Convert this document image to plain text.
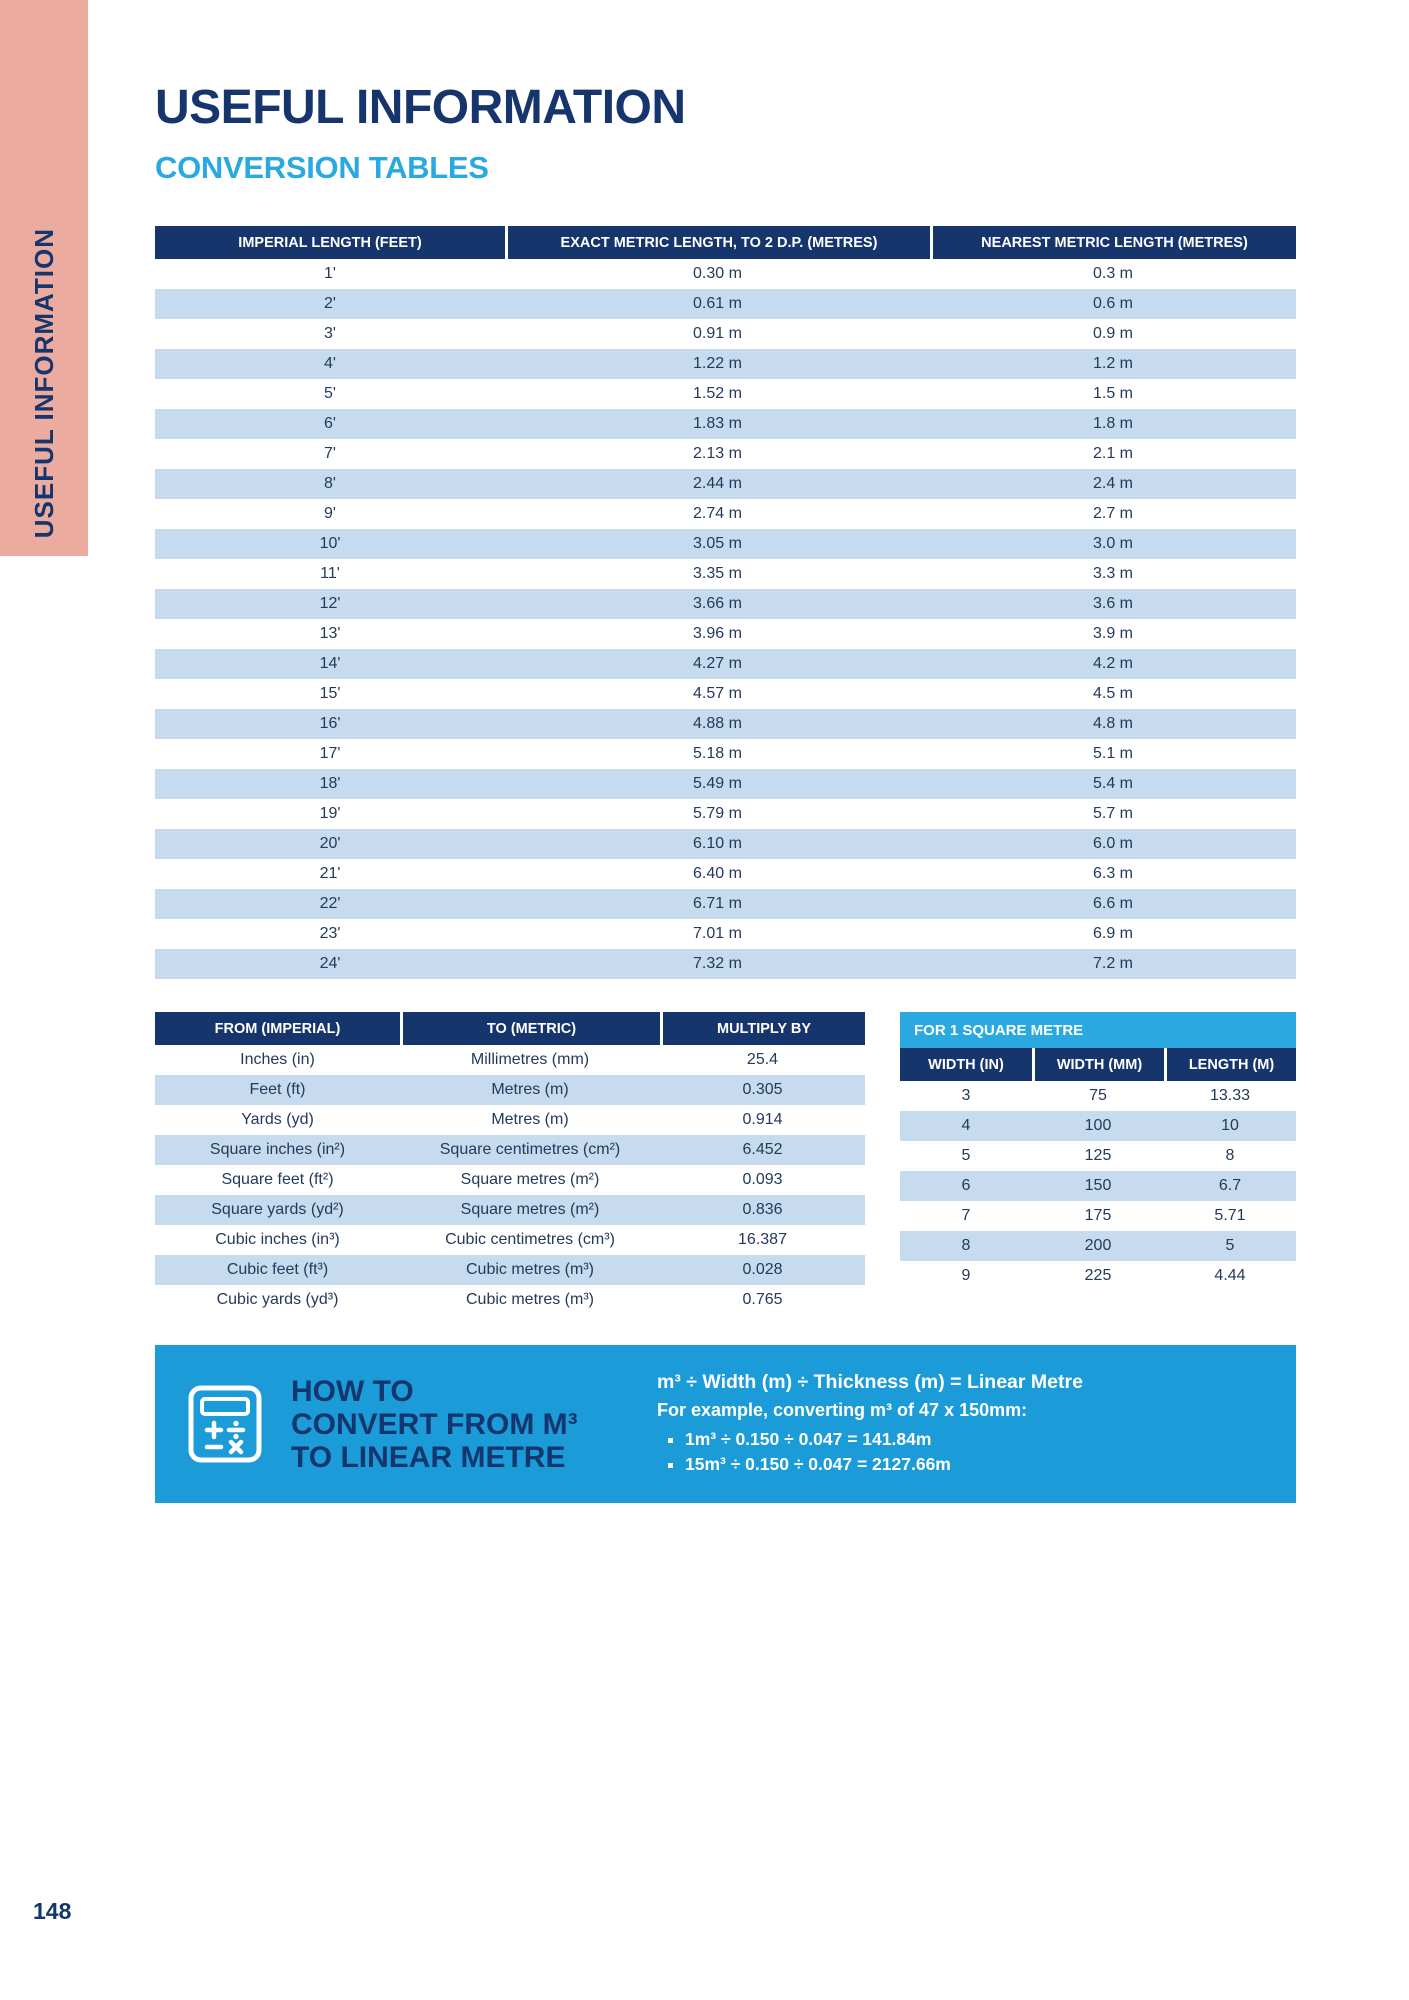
USEFUL INFORMATION
USEFUL INFORMATION
CONVERSION TABLES
IMPERIAL LENGTH (FEET)	EXACT METRIC LENGTH, TO 2 D.P. (METRES)	NEAREST METRIC LENGTH (METRES)
1'	0.30 m	0.3 m
2'	0.61 m	0.6 m
3'	0.91 m	0.9 m
4'	1.22 m	1.2 m
5'	1.52 m	1.5 m
6'	1.83 m	1.8 m
7'	2.13 m	2.1 m
8'	2.44 m	2.4 m
9'	2.74 m	2.7 m
10'	3.05 m	3.0 m
11'	3.35 m	3.3 m
12'	3.66 m	3.6 m
13'	3.96 m	3.9 m
14'	4.27 m	4.2 m
15'	4.57 m	4.5 m
16'	4.88 m	4.8 m
17'	5.18 m	5.1 m
18'	5.49 m	5.4 m
19'	5.79 m	5.7 m
20'	6.10 m	6.0 m
21'	6.40 m	6.3 m
22'	6.71 m	6.6 m
23'	7.01 m	6.9 m
24'	7.32 m	7.2 m
FROM (IMPERIAL)	TO (METRIC)	MULTIPLY BY
Inches (in)	Millimetres (mm)	25.4
Feet (ft)	Metres (m)	0.305
Yards (yd)	Metres (m)	0.914
Square inches (in²)	Square centimetres (cm²)	6.452
Square feet (ft²)	Square metres (m²)	0.093
Square yards (yd²)	Square metres (m²)	0.836
Cubic inches (in³)	Cubic centimetres (cm³)	16.387
Cubic feet (ft³)	Cubic metres (m³)	0.028
Cubic yards (yd³)	Cubic metres (m³)	0.765
FOR 1 SQUARE METRE
WIDTH (IN)	WIDTH (MM)	LENGTH (M)
3	75	13.33
4	100	10
5	125	8
6	150	6.7
7	175	5.71
8	200	5
9	225	4.44
HOW TO
CONVERT FROM M³
TO LINEAR METRE

m³ ÷ Width (m) ÷ Thickness (m) = Linear Metre

For example, converting m³ of 47 x 150mm:

▪ 1m³ ÷ 0.150 ÷ 0.047 = 141.84m
▪ 15m³ ÷ 0.150 ÷ 0.047 = 2127.66m
148
